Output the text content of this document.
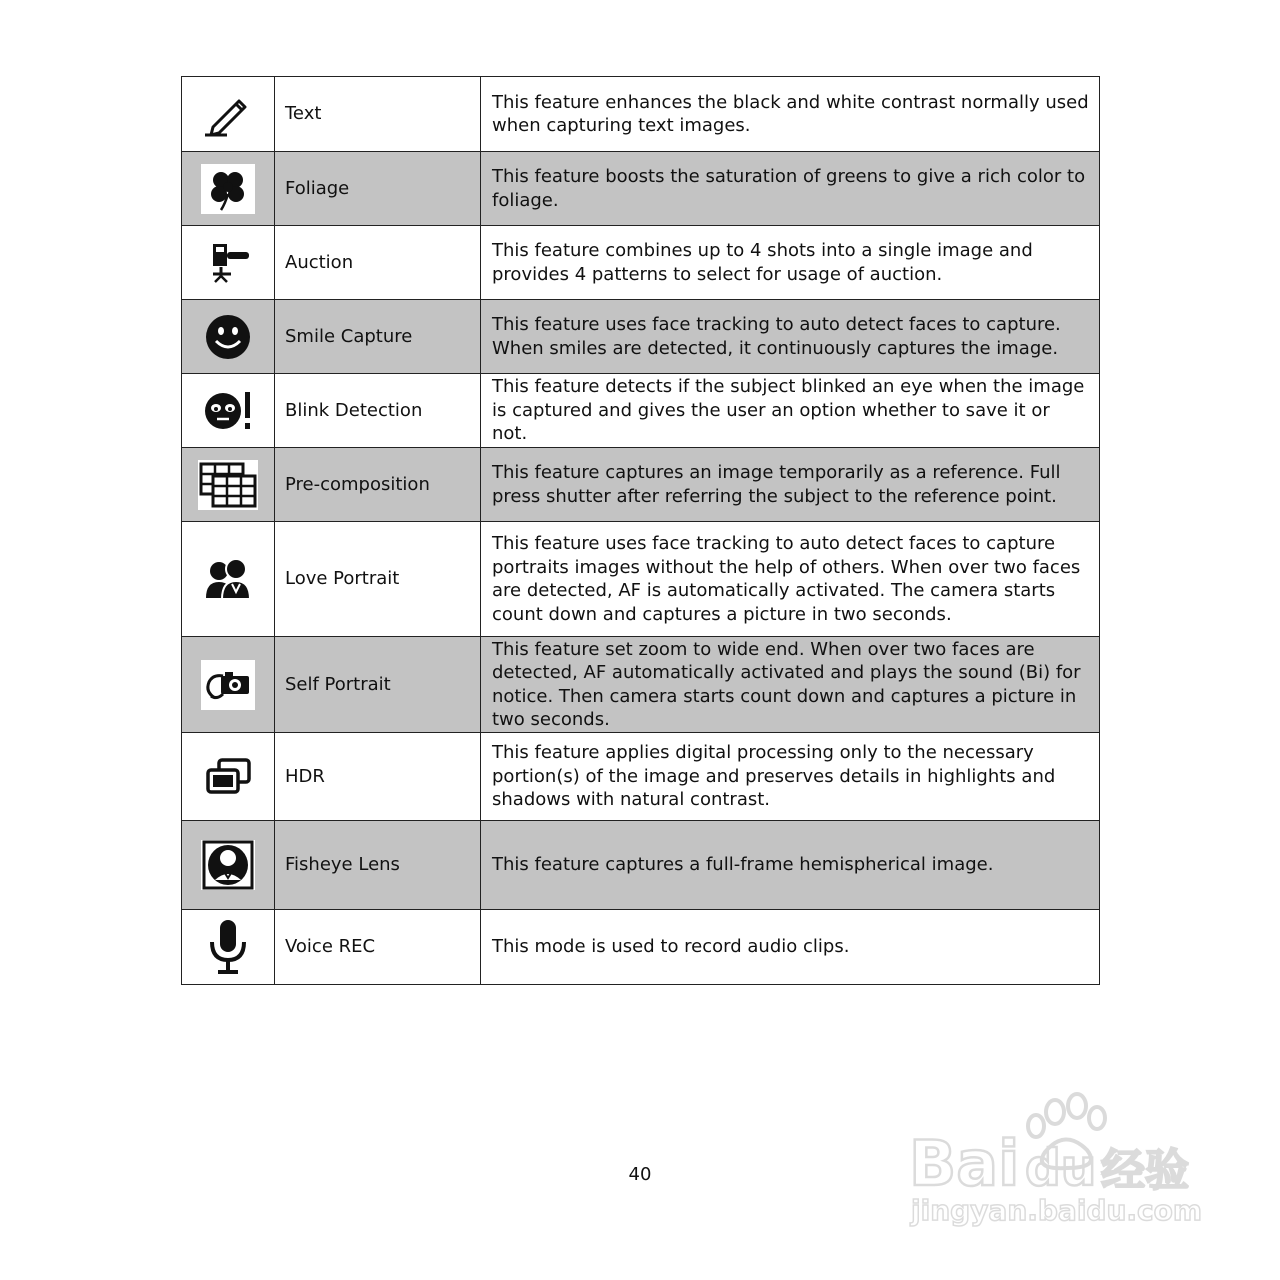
	Text	This feature enhances the black and white contrast normally used when capturing text images.

	Foliage	This feature boosts the saturation of greens to give a rich color to foliage.

	Auction	This feature combines up to 4 shots into a single image and provides 4 patterns to select for usage of auction.

	Smile Capture	This feature uses face tracking to auto detect faces to capture. When smiles are detected, it continuously captures the image.

	Blink Detection	This feature detects if the subject blinked an eye when the image is captured and gives the user an option whether to save it or not.

	Pre-composition	This feature captures an image temporarily as a reference. Full press shutter after referring the subject to the reference point.

	Love Portrait	This feature uses face tracking to auto detect faces to capture portraits images without the help of others. When over two faces are detected, AF is automatically activated. The camera starts count down and captures a picture in two seconds.

	Self Portrait	This feature set zoom to wide end. When over two faces are detected, AF automatically activated and plays the sound (Bi) for notice. Then camera starts count down and captures a picture in two seconds.

	HDR	This feature applies digital processing only to the necessary portion(s) of the image and preserves details in highlights and shadows with natural contrast.

	Fisheye Lens	This feature captures a full-frame hemispherical image.

	Voice REC	This mode is used to record audio clips.
40	Bai du 经验
jingyan.baidu.com
